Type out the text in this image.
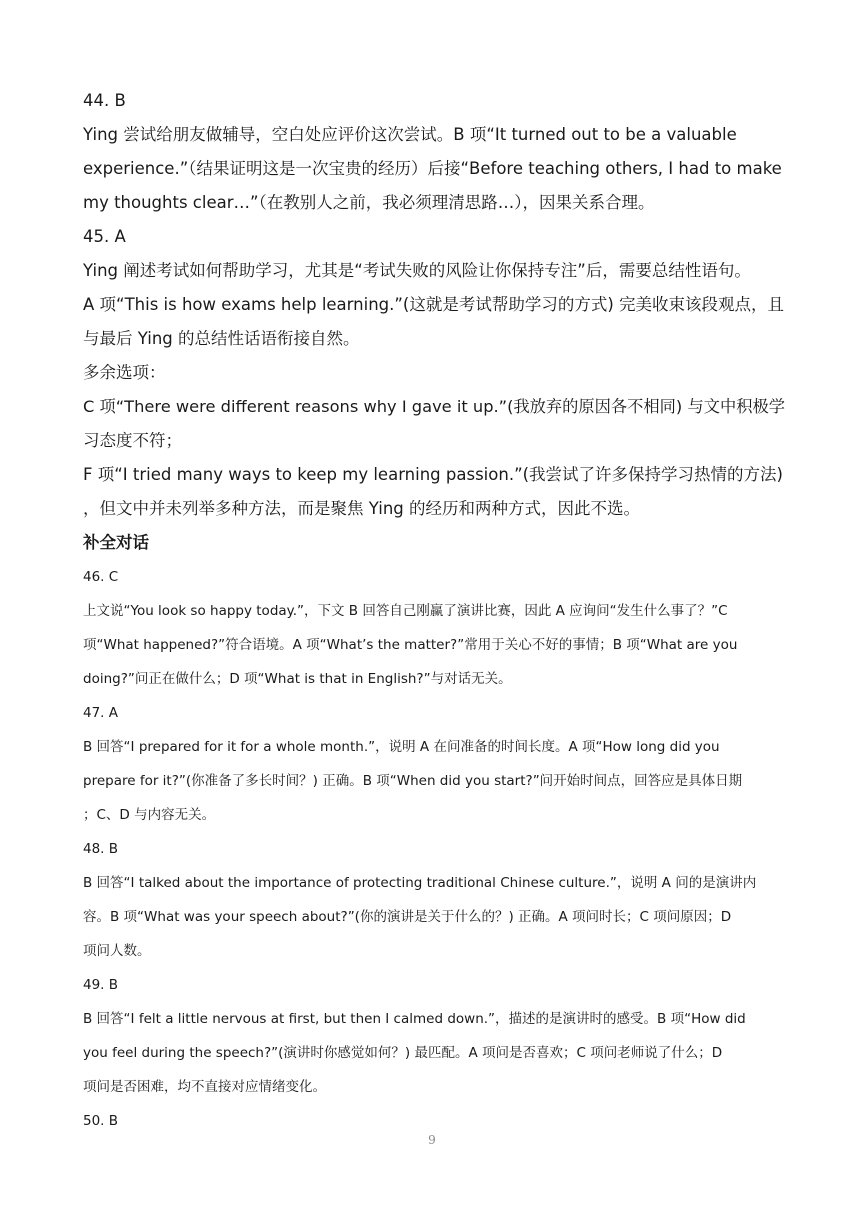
44. B

Ying 尝试给朋友做辅导，空白处应评价这次尝试。B 项“It turned out to be a valuable

experience.”（结果证明这是一次宝贵的经历）后接“Before teaching others, I had to make

my thoughts clear…”（在教别人之前，我必须理清思路…），因果关系合理。

45. A

Ying 阐述考试如何帮助学习，尤其是“考试失败的风险让你保持专注”后，需要总结性语句。

A 项“This is how exams help learning.”(这就是考试帮助学习的方式) 完美收束该段观点，且

与最后 Ying 的总结性话语衔接自然。

多余选项：

C 项“There were different reasons why I gave it up.”(我放弃的原因各不相同) 与文中积极学

习态度不符；

F 项“I tried many ways to keep my learning passion.”(我尝试了许多保持学习热情的方法)

，但文中并未列举多种方法，而是聚焦 Ying 的经历和两种方式，因此不选。

补全对话

46. C

上文说“You look so happy today.”，下文 B 回答自己刚赢了演讲比赛，因此 A 应询问“发生什么事了？”C

项“What happened?”符合语境。A 项“What’s the matter?”常用于关心不好的事情；B 项“What are you

doing?”问正在做什么；D 项“What is that in English?”与对话无关。

47. A

B 回答“I prepared for it for a whole month.”，说明 A 在问准备的时间长度。A 项“How long did you

prepare for it?”(你准备了多长时间？) 正确。B 项“When did you start?”问开始时间点，回答应是具体日期

；C、D 与内容无关。

48. B

B 回答“I talked about the importance of protecting traditional Chinese culture.”，说明 A 问的是演讲内

容。B 项“What was your speech about?”(你的演讲是关于什么的？) 正确。A 项问时长；C 项问原因；D

项问人数。

49. B

B 回答“I felt a little nervous at first, but then I calmed down.”，描述的是演讲时的感受。B 项“How did

you feel during the speech?”(演讲时你感觉如何？) 最匹配。A 项问是否喜欢；C 项问老师说了什么；D

项问是否困难，均不直接对应情绪变化。

50. B

9
